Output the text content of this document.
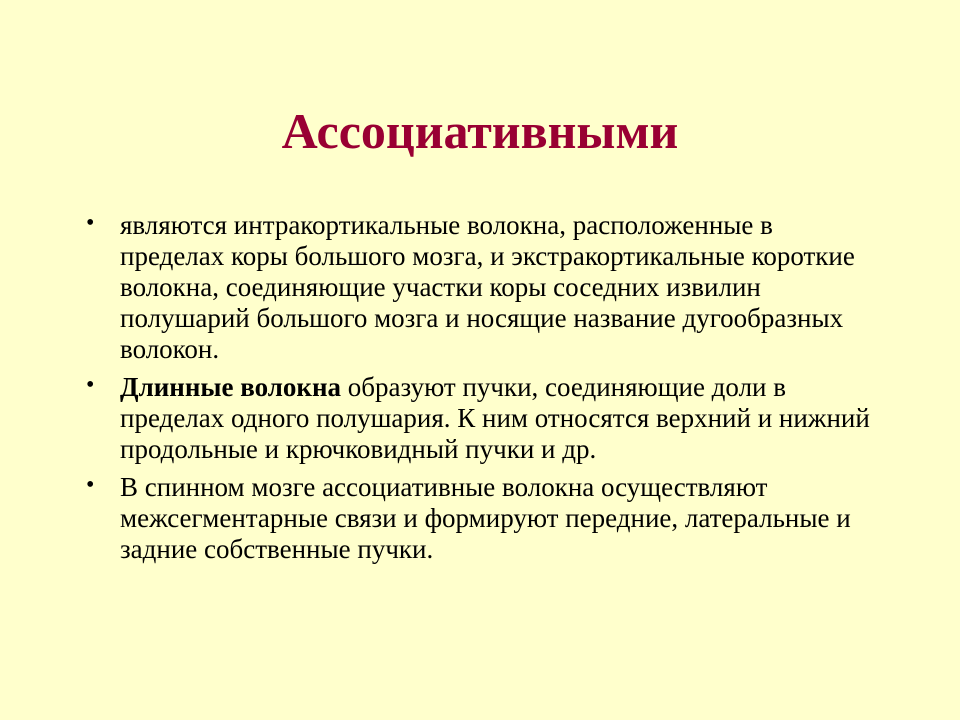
Ассоциативными
• являются интракортикальные волокна, расположенные в пределах коры большого мозга, и экстракортикальные короткие волокна, соединяющие участки коры соседних извилин полушарий большого мозга и носящие название дугообразных волокон.
• Длинные волокна образуют пучки, соединяющие доли в пределах одного полушария. К ним относятся верхний и нижний продольные и крючковидный пучки и др.
• В спинном мозге ассоциативные волокна осуществляют межсегментарные связи и формируют передние, латеральные и задние собственные пучки.
